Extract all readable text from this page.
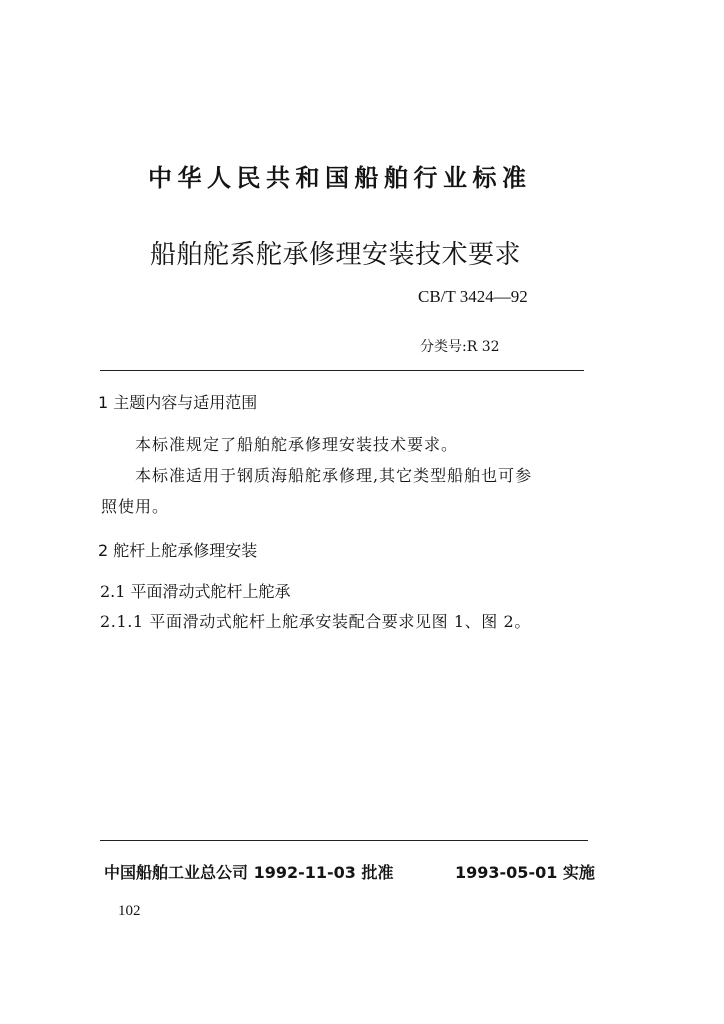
中华人民共和国船舶行业标准
船舶舵系舵承修理安装技术要求
CB/T 3424—92
分类号:R 32
1 主题内容与适用范围
本标准规定了船舶舵承修理安装技术要求。
本标准适用于钢质海船舵承修理,其它类型船舶也可参
照使用。
2 舵杆上舵承修理安装
2.1 平面滑动式舵杆上舵承
2.1.1 平面滑动式舵杆上舵承安装配合要求见图 1、图 2。
中国船舶工业总公司 1992-11-03 批准	1993-05-01 实施
102
